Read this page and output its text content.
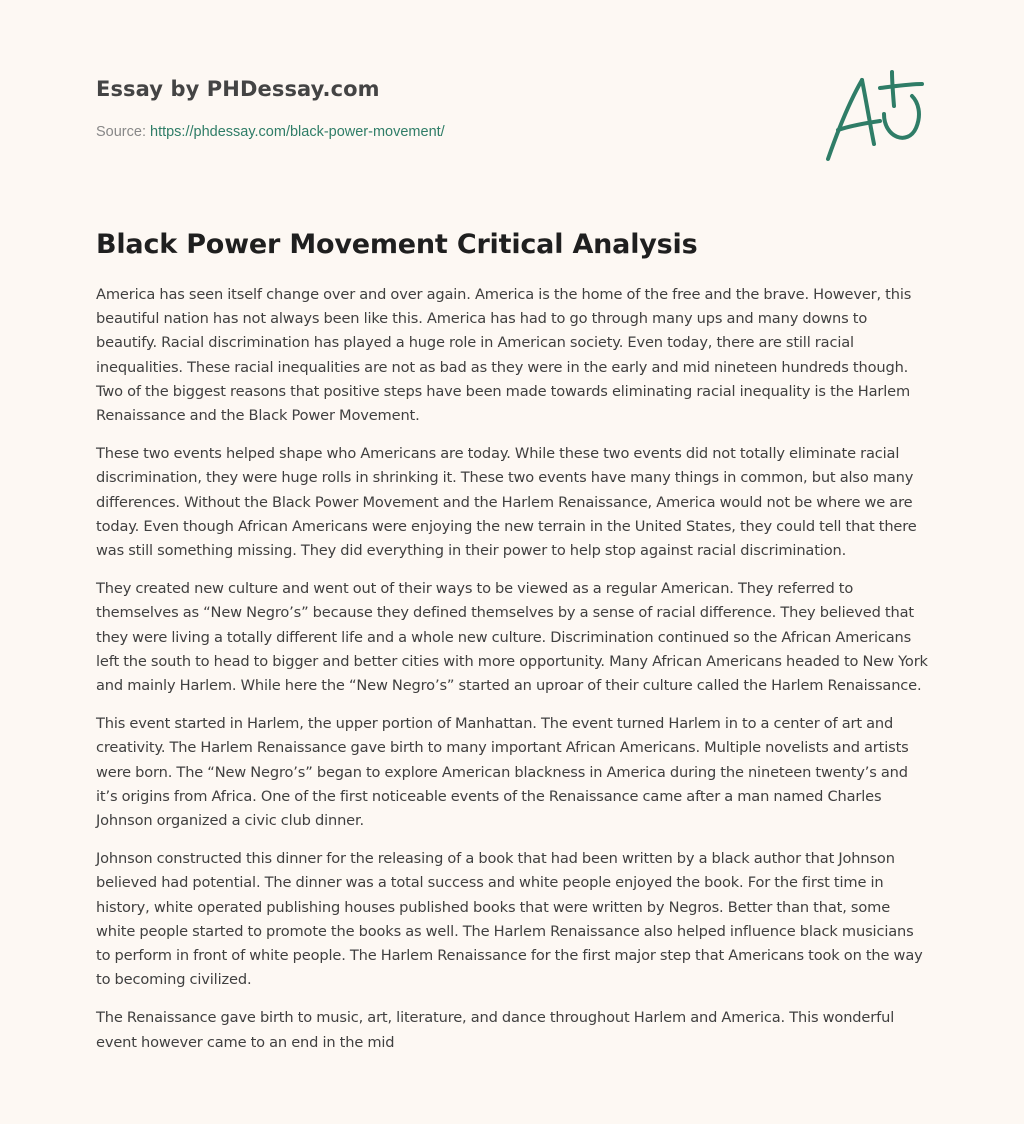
Essay by PHDessay.com
Source: https://phdessay.com/black-power-movement/
Black Power Movement Critical Analysis

America has seen itself change over and over again. America is the home of the free and the brave. However, this beautiful nation has not always been like this. America has had to go through many ups and many downs to beautify. Racial discrimination has played a huge role in American society. Even today, there are still racial inequalities. These racial inequalities are not as bad as they were in the early and mid nineteen hundreds though. Two of the biggest reasons that positive steps have been made towards eliminating racial inequality is the Harlem Renaissance and the Black Power Movement.

These two events helped shape who Americans are today. While these two events did not totally eliminate racial discrimination, they were huge rolls in shrinking it. These two events have many things in common, but also many differences. Without the Black Power Movement and the Harlem Renaissance, America would not be where we are today. Even though African Americans were enjoying the new terrain in the United States, they could tell that there was still something missing. They did everything in their power to help stop against racial discrimination.

They created new culture and went out of their ways to be viewed as a regular American. They referred to themselves as “New Negro’s” because they defined themselves by a sense of racial difference. They believed that they were living a totally different life and a whole new culture. Discrimination continued so the African Americans left the south to head to bigger and better cities with more opportunity. Many African Americans headed to New York and mainly Harlem. While here the “New Negro’s” started an uproar of their culture called the Harlem Renaissance.

This event started in Harlem, the upper portion of Manhattan. The event turned Harlem in to a center of art and creativity. The Harlem Renaissance gave birth to many important African Americans. Multiple novelists and artists were born. The “New Negro’s” began to explore American blackness in America during the nineteen twenty’s and it’s origins from Africa. One of the first noticeable events of the Renaissance came after a man named Charles Johnson organized a civic club dinner.

Johnson constructed this dinner for the releasing of a book that had been written by a black author that Johnson believed had potential. The dinner was a total success and white people enjoyed the book. For the first time in history, white operated publishing houses published books that were written by Negros. Better than that, some white people started to promote the books as well. The Harlem Renaissance also helped influence black musicians to perform in front of white people. The Harlem Renaissance for the first major step that Americans took on the way to becoming civilized.

The Renaissance gave birth to music, art, literature, and dance throughout Harlem and America. This wonderful event however came to an end in the mid
